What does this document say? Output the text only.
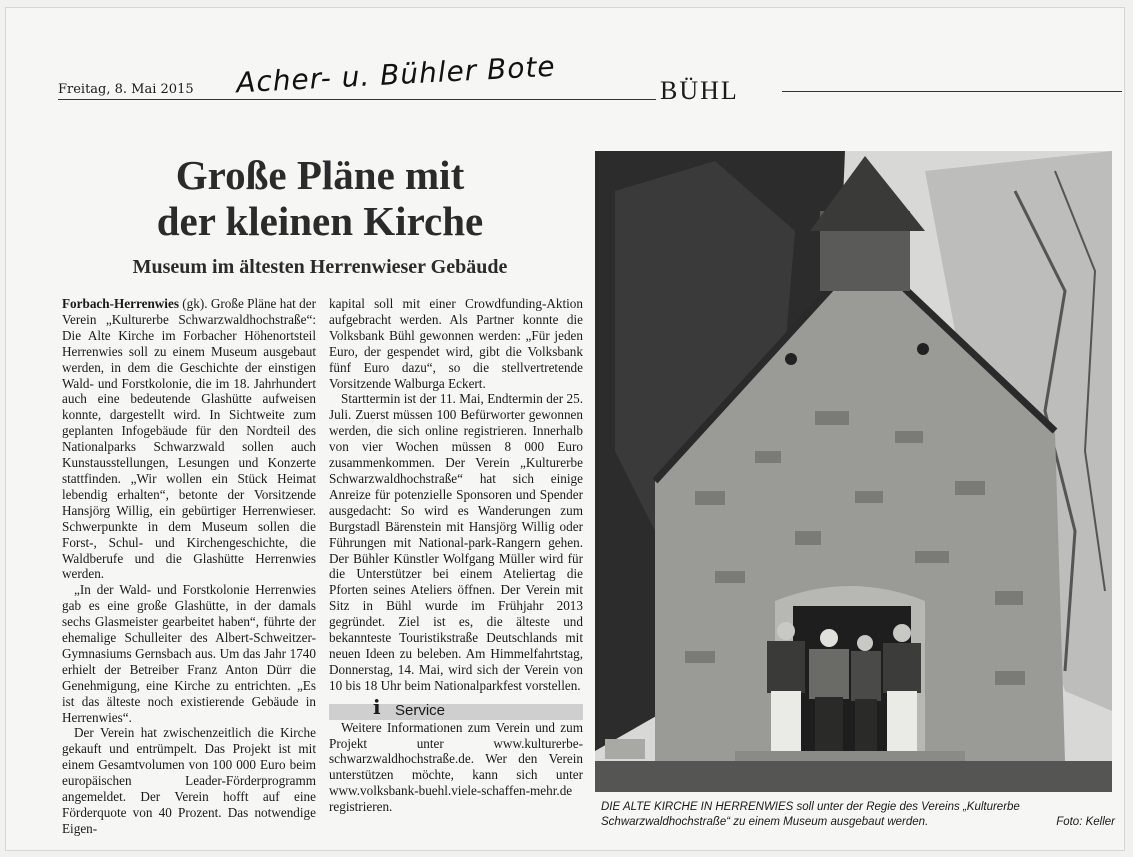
Freitag, 8. Mai 2015 Acher- u. Bühler Bote	BÜHL
Große Pläne mit
der kleinen Kirche
Museum im ältesten Herrenwieser Gebäude

Forbach-Herrenwies (gk). Große Pläne hat der Verein „Kulturerbe Schwarzwaldhochstraße“: Die Alte Kirche im Forbacher Höhenortsteil Herrenwies soll zu einem Museum ausgebaut werden, in dem die Geschichte der einstigen Wald- und Forstkolonie, die im 18. Jahrhundert auch eine bedeutende Glashütte aufweisen konnte, dargestellt wird. In Sichtweite zum geplanten Infogebäude für den Nordteil des Nationalparks Schwarzwald sollen auch Kunstausstellungen, Lesungen und Konzerte stattfinden. „Wir wollen ein Stück Heimat lebendig erhalten“, betonte der Vorsitzende Hansjörg Willig, ein gebürtiger Herrenwieser. Schwerpunkte in dem Museum sollen die Forst-, Schul- und Kirchengeschichte, die Waldberufe und die Glashütte Herrenwies werden.

„In der Wald- und Forstkolonie Herrenwies gab es eine große Glashütte, in der damals sechs Glasmeister gearbeitet haben“, führte der ehemalige Schulleiter des Albert-Schweitzer-Gymnasiums Gernsbach aus. Um das Jahr 1740 erhielt der Betreiber Franz Anton Dürr die Genehmigung, eine Kirche zu entrichten. „Es ist das älteste noch existierende Gebäude in Herrenwies“.

Der Verein hat zwischenzeitlich die Kirche gekauft und entrümpelt. Das Projekt ist mit einem Gesamtvolumen von 100 000 Euro beim europäischen Leader-Förderprogramm angemeldet. Der Verein hofft auf eine Förderquote von 40 Prozent. Das notwendige Eigen-

kapital soll mit einer Crowdfunding-Aktion aufgebracht werden. Als Partner konnte die Volksbank Bühl gewonnen werden: „Für jeden Euro, der gespendet wird, gibt die Volksbank fünf Euro dazu“, so die stellvertretende Vorsitzende Walburga Eckert.

Starttermin ist der 11. Mai, Endtermin der 25. Juli. Zuerst müssen 100 Befürworter gewonnen werden, die sich online registrieren. Innerhalb von vier Wochen müssen 8 000 Euro zusammenkommen. Der Verein „Kulturerbe Schwarzwaldhochstraße“ hat sich einige Anreize für potenzielle Sponsoren und Spender ausgedacht: So wird es Wanderungen zum Burgstadl Bärenstein mit Hansjörg Willig oder Führungen mit National-park-Rangern gehen. Der Bühler Künstler Wolfgang Müller wird für die Unterstützer bei einem Ateliertag die Pforten seines Ateliers öffnen. Der Verein mit Sitz in Bühl wurde im Frühjahr 2013 gegründet. Ziel ist es, die älteste und bekannteste Touristikstraße Deutschlands mit neuen Ideen zu beleben. Am Himmelfahrtstag, Donnerstag, 14. Mai, wird sich der Verein von 10 bis 18 Uhr beim Nationalparkfest vorstellen.

i Service

Weitere Informationen zum Verein und zum Projekt unter www.kulturerbe-schwarzwaldhochstraße.de. Wer den Verein unterstützen möchte, kann sich unter www.volksbank-buehl.viele-schaffen-mehr.de registrieren.	DIE ALTE KIRCHE IN HERRENWIES soll unter der Regie des Vereins „Kulturerbe Schwarzwaldhochstraße“ zu einem Museum ausgebaut werden.	Foto: Keller
